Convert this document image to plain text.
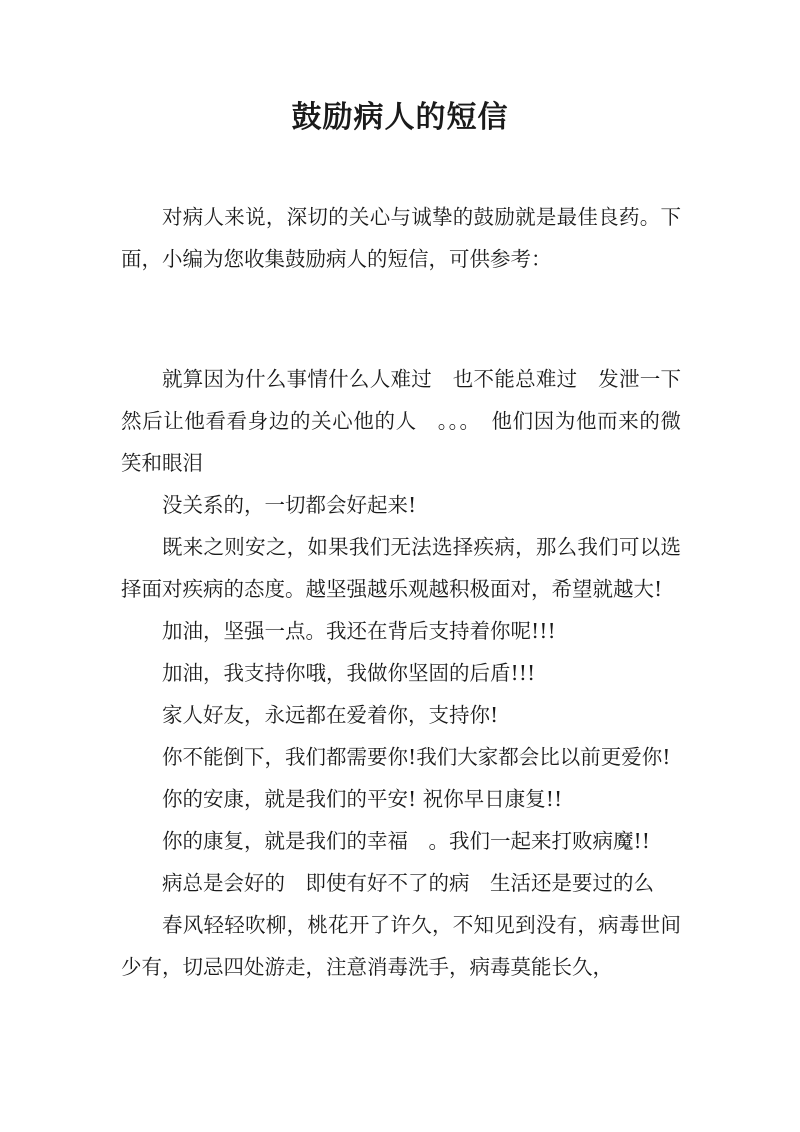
鼓励病人的短信

对病人来说，深切的关心与诚挚的鼓励就是最佳良药。下面，小编为您收集鼓励病人的短信，可供参考：

就算因为什么事情什么人难过　也不能总难过　发泄一下　然后让他看看身边的关心他的人　。。。　他们因为他而来的微笑和眼泪

没关系的，一切都会好起来!

既来之则安之，如果我们无法选择疾病，那么我们可以选择面对疾病的态度。越坚强越乐观越积极面对，希望就越大!

加油，坚强一点。我还在背后支持着你呢!!!

加油，我支持你哦，我做你坚固的后盾!!!

家人好友，永远都在爱着你，支持你!

你不能倒下，我们都需要你!我们大家都会比以前更爱你!

你的安康，就是我们的平安! 祝你早日康复!!

你的康复，就是我们的幸福　。我们一起来打败病魔!!

病总是会好的　即使有好不了的病　生活还是要过的么

春风轻轻吹柳，桃花开了许久，不知见到没有，病毒世间少有，切忌四处游走，注意消毒洗手，病毒莫能长久，
